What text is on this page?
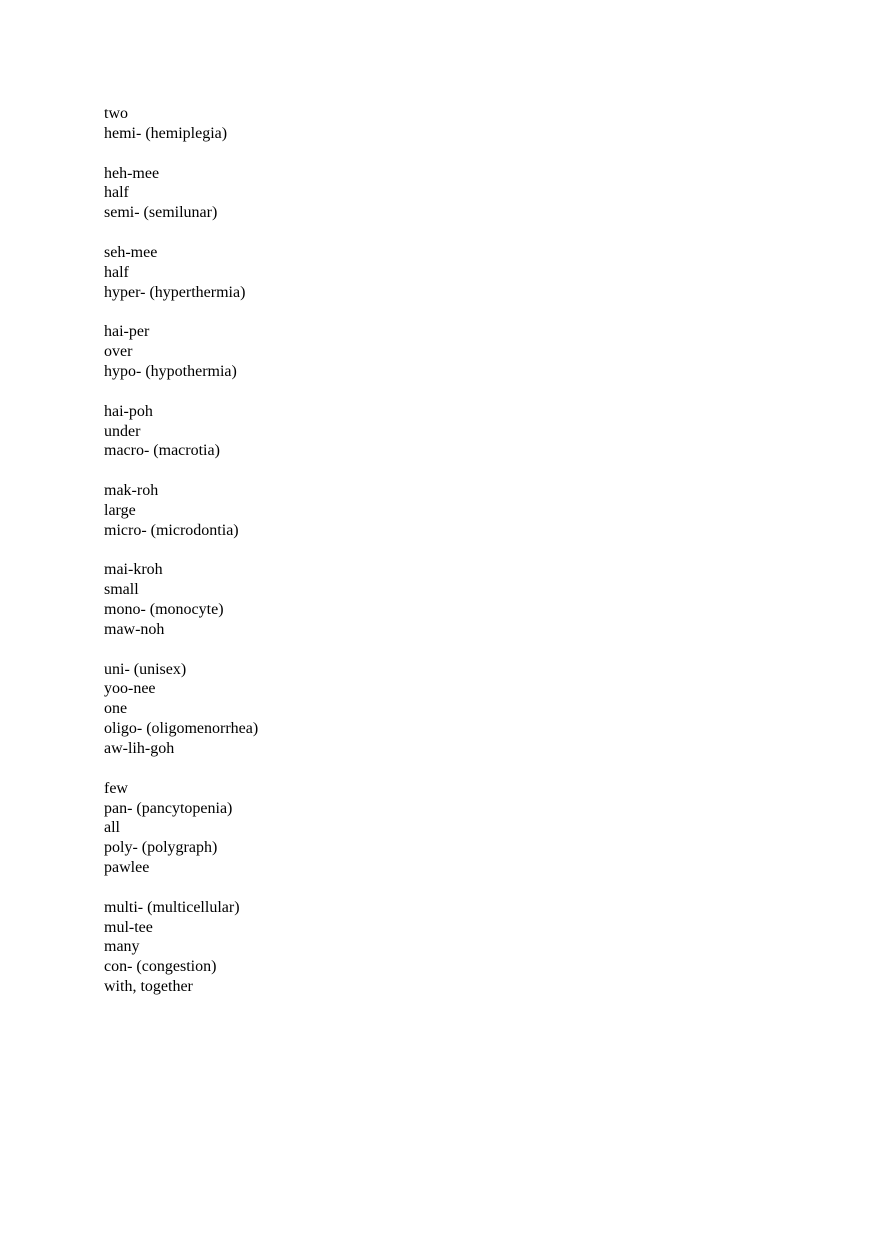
two
hemi- (hemiplegia)
heh-mee
half
semi- (semilunar)
seh-mee
half
hyper- (hyperthermia)
hai-per
over
hypo- (hypothermia)
hai-poh
under
macro- (macrotia)
mak-roh
large
micro- (microdontia)
mai-kroh
small
mono- (monocyte)
maw-noh
uni- (unisex)
yoo-nee
one
oligo- (oligomenorrhea)
aw-lih-goh
few
pan- (pancytopenia)
all
poly- (polygraph)
pawlee
multi- (multicellular)
mul-tee
many
con- (congestion)
with, together
